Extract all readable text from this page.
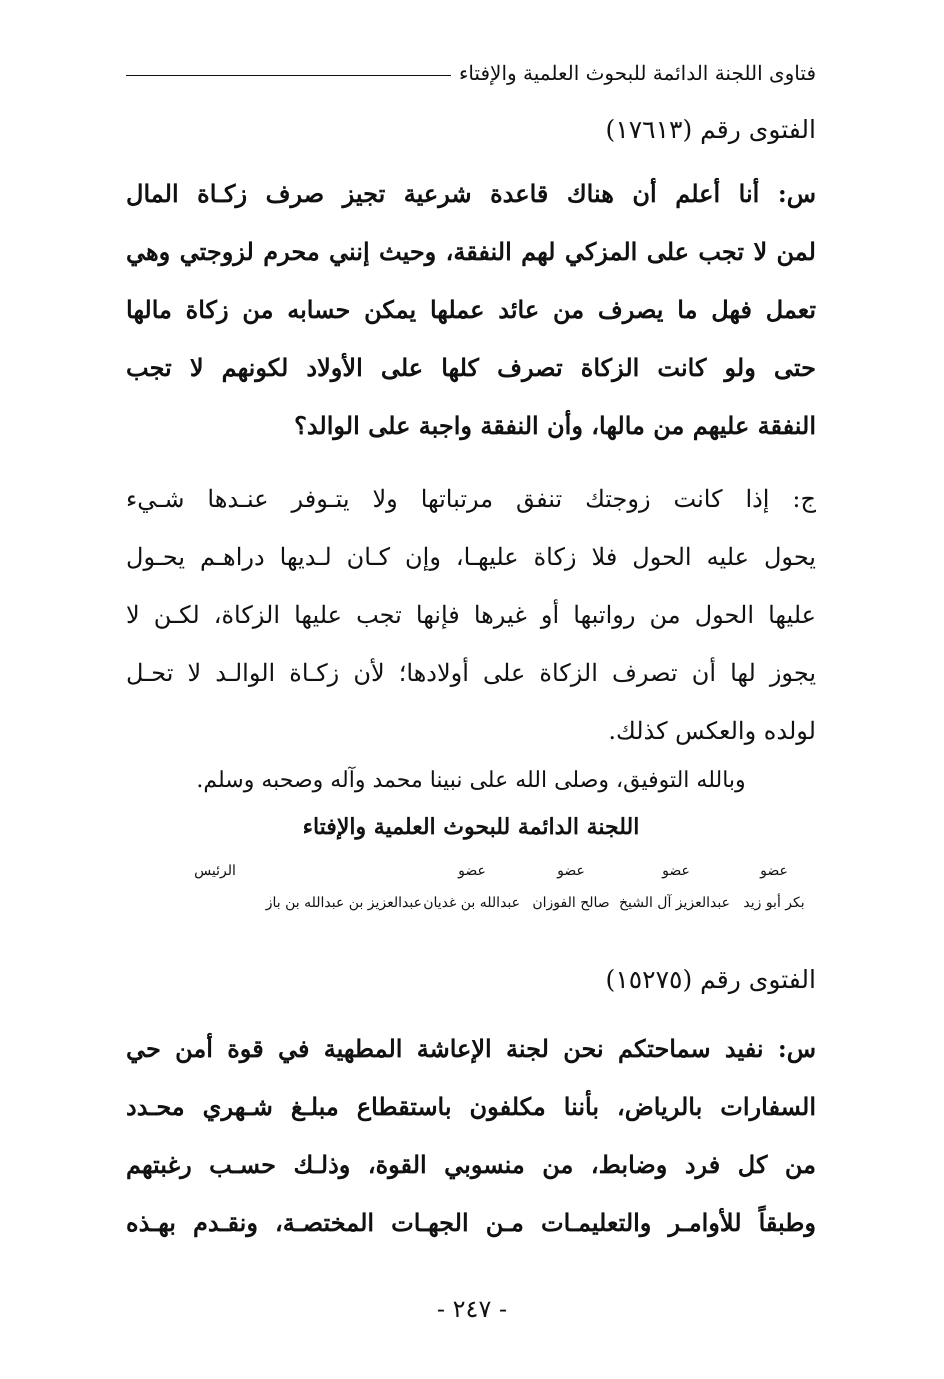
فتاوى اللجنة الدائمة للبحوث العلمية والإفتاء
الفتوى رقم (١٧٦١٣)
س: أنا أعلم أن هناك قاعدة شرعية تجيز صرف زكـاة المال
لمن لا تجب على المزكي لهم النفقة، وحيث إنني محرم لزوجتي وهي
تعمل فهل ما يصرف من عائد عملها يمكن حسابه من زكاة مالها
حتى ولو كانت الزكاة تصرف كلها على الأولاد لكونهم لا تجب
النفقة عليهم من مالها، وأن النفقة واجبة على الوالد؟
ج: إذا كانت زوجتك تنفق مرتباتها ولا يتـوفر عنـدها شـيء
يحول عليه الحول فلا زكاة عليهـا، وإن كـان لـديها دراهـم يحـول
عليها الحول من رواتبها أو غيرها فإنها تجب عليها الزكاة، لكـن لا
يجوز لها أن تصرف الزكاة على أولادها؛ لأن زكـاة الوالـد لا تحـل
لولده والعكس كذلك.
وبالله التوفيق، وصلى الله على نبينا محمد وآله وصحبه وسلم.
اللجنة الدائمة للبحوث العلمية والإفتاء
عضو
بكر أبو زيد
عضو
عبدالعزيز آل الشيخ
عضو
صالح الفوزان
عضو
عبدالله بن غديان
عبدالعزيز بن عبدالله بن باز
الرئيس
الفتوى رقم (١٥٢٧٥)
س: نفيد سماحتكم نحن لجنة الإعاشة المطهية في قوة أمن حي
السفارات بالرياض، بأننا مكلفون باستقطاع مبلـغ شـهري محـدد
من كل فرد وضابط، من منسوبي القوة، وذلـك حسـب رغبتهم
وطبقاً للأوامـر والتعليمـات مـن الجهـات المختصـة، ونقـدم بهـذه
- ٢٤٧ -
